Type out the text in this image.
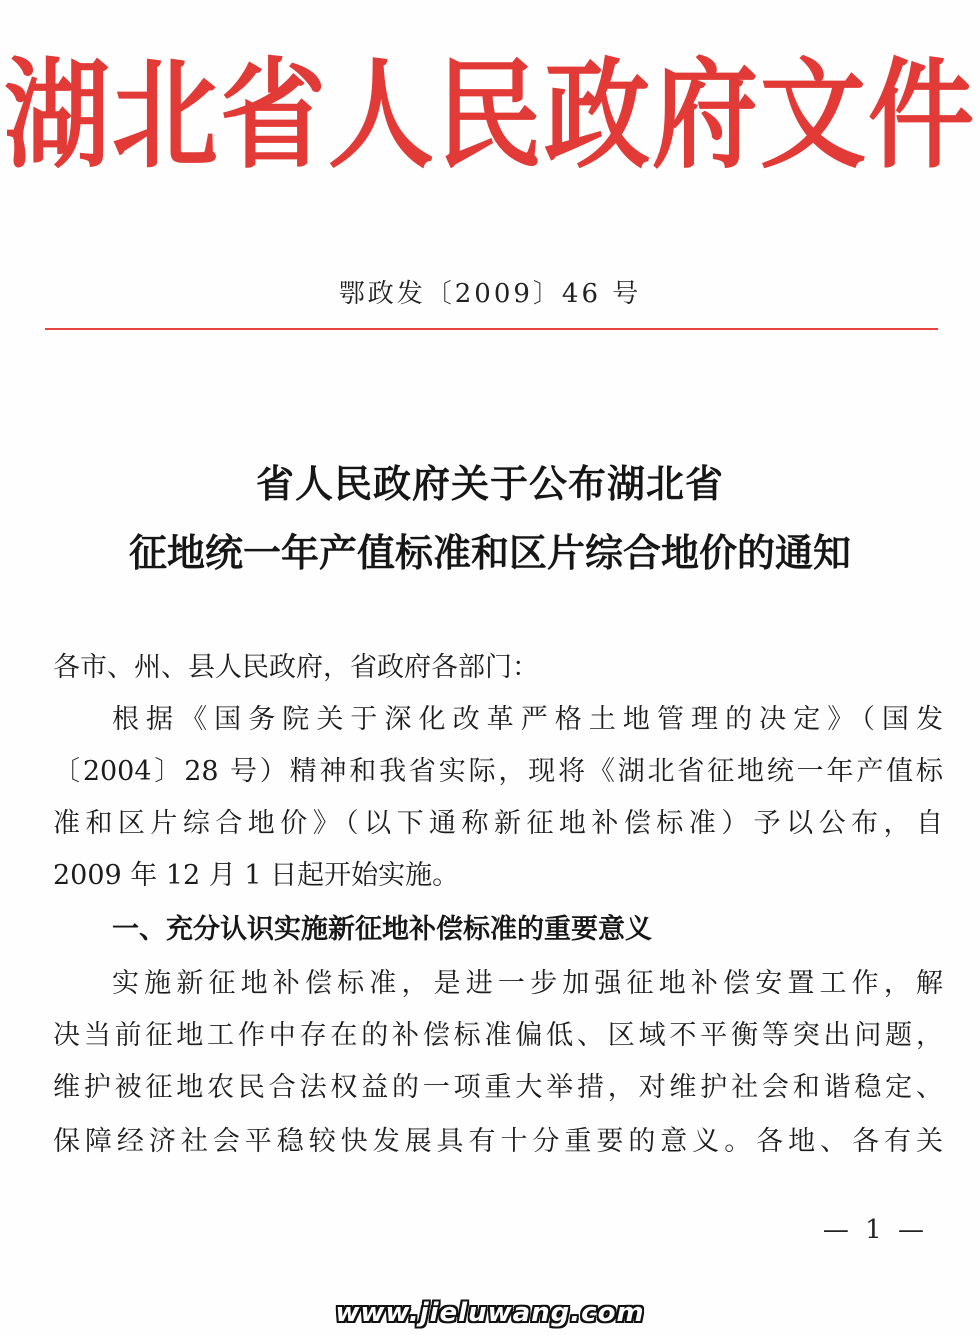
湖北省人民政府文件
鄂政发〔2009〕46 号
省人民政府关于公布湖北省
征地统一年产值标准和区片综合地价的通知
各市、州、县人民政府，省政府各部门：
根据《国务院关于深化改革严格土地管理的决定》（国发
〔2004〕28 号）精神和我省实际，现将《湖北省征地统一年产值标
准和区片综合地价》（以下通称新征地补偿标准）予以公布，自
2009 年 12 月 1 日起开始实施。
一、充分认识实施新征地补偿标准的重要意义
实施新征地补偿标准，是进一步加强征地补偿安置工作，解
决当前征地工作中存在的补偿标准偏低、区域不平衡等突出问题，
维护被征地农民合法权益的一项重大举措，对维护社会和谐稳定、
保障经济社会平稳较快发展具有十分重要的意义。各地、各有关
— 1 —
www.jieluwang.com
